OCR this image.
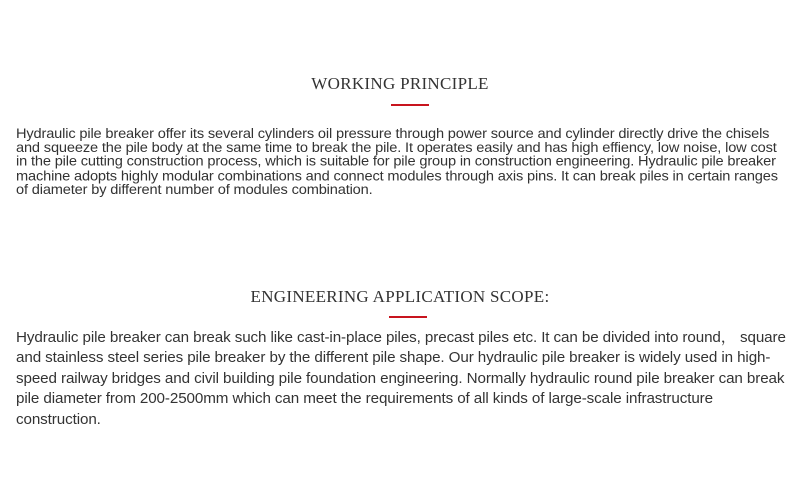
WORKING PRINCIPLE

Hydraulic pile breaker offer its several cylinders oil pressure through power source and cylinder directly drive the chisels and squeeze the pile body at the same time to break the pile. It operates easily and has high effiency, low noise, low cost in the pile cutting construction process, which is suitable for pile group in construction engineering. Hydraulic pile breaker machine adopts highly modular combinations and connect modules through axis pins. It can break piles in certain ranges of diameter by different number of modules combination.

ENGINEERING APPLICATION SCOPE:

Hydraulic pile breaker can break such like cast-in-place piles, precast piles etc. It can be divided into round， square and stainless steel series pile breaker by the different pile shape. Our hydraulic pile breaker is widely used in high-speed railway bridges and civil building pile foundation engineering. Normally hydraulic round pile breaker can break pile diameter from 200-2500mm which can meet the requirements of all kinds of large-scale infrastructure construction.
